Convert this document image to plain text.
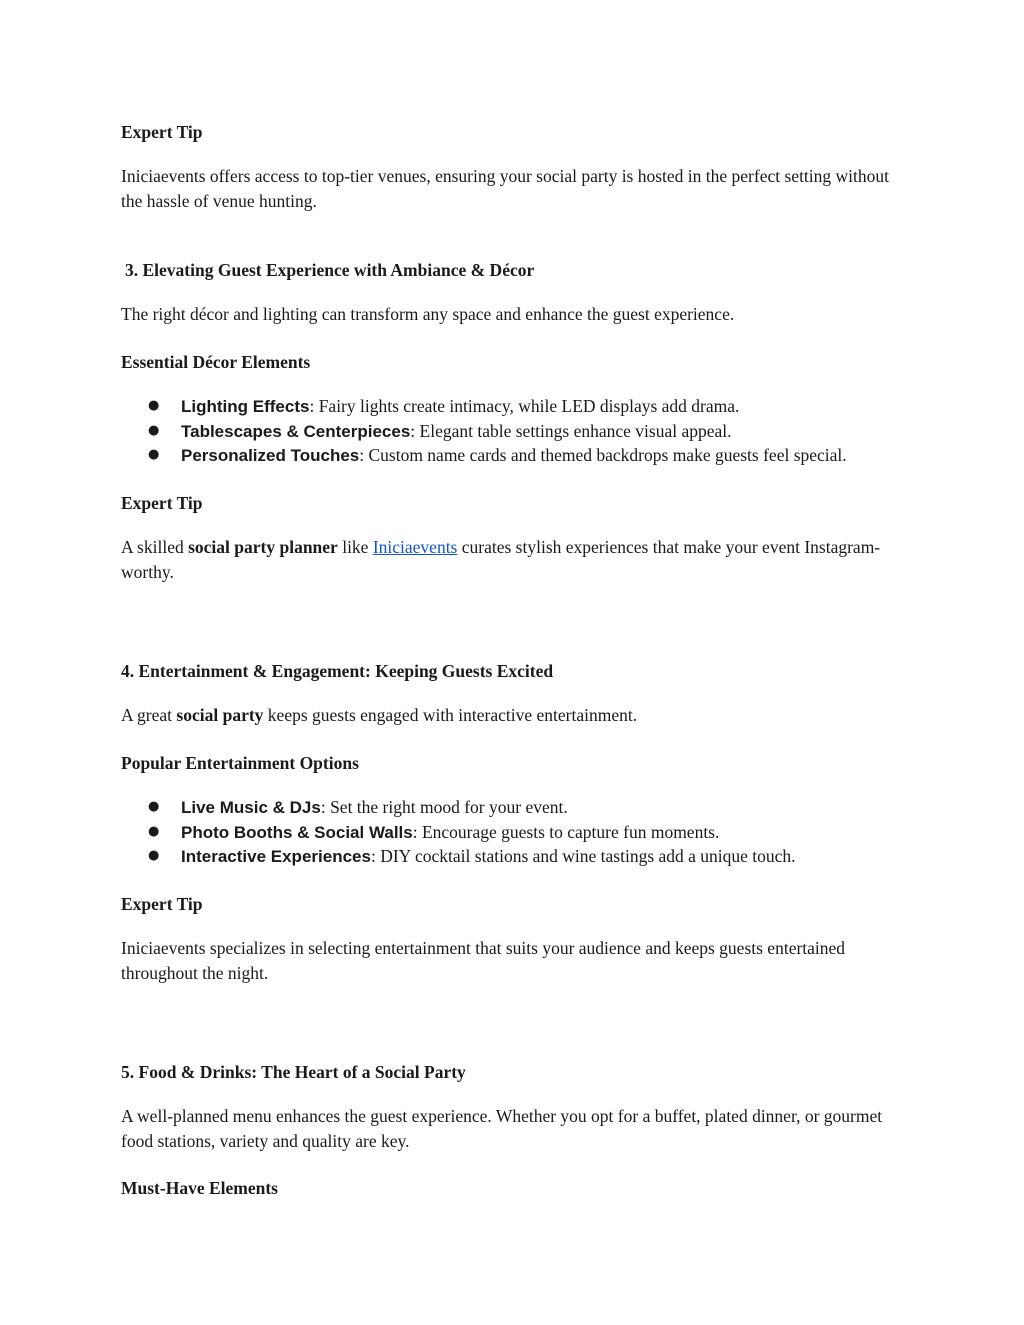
Expert Tip

Iniciaevents offers access to top-tier venues, ensuring your social party is hosted in the perfect setting without the hassle of venue hunting.

3. Elevating Guest Experience with Ambiance & Décor

The right décor and lighting can transform any space and enhance the guest experience.

Essential Décor Elements

● Lighting Effects: Fairy lights create intimacy, while LED displays add drama.
● Tablescapes & Centerpieces: Elegant table settings enhance visual appeal.
● Personalized Touches: Custom name cards and themed backdrops make guests feel special.

Expert Tip

A skilled social party planner like Iniciaevents curates stylish experiences that make your event Instagram-worthy.

4. Entertainment & Engagement: Keeping Guests Excited

A great social party keeps guests engaged with interactive entertainment.

Popular Entertainment Options

● Live Music & DJs: Set the right mood for your event.
● Photo Booths & Social Walls: Encourage guests to capture fun moments.
● Interactive Experiences: DIY cocktail stations and wine tastings add a unique touch.

Expert Tip

Iniciaevents specializes in selecting entertainment that suits your audience and keeps guests entertained throughout the night.

5. Food & Drinks: The Heart of a Social Party

A well-planned menu enhances the guest experience. Whether you opt for a buffet, plated dinner, or gourmet food stations, variety and quality are key.

Must-Have Elements
